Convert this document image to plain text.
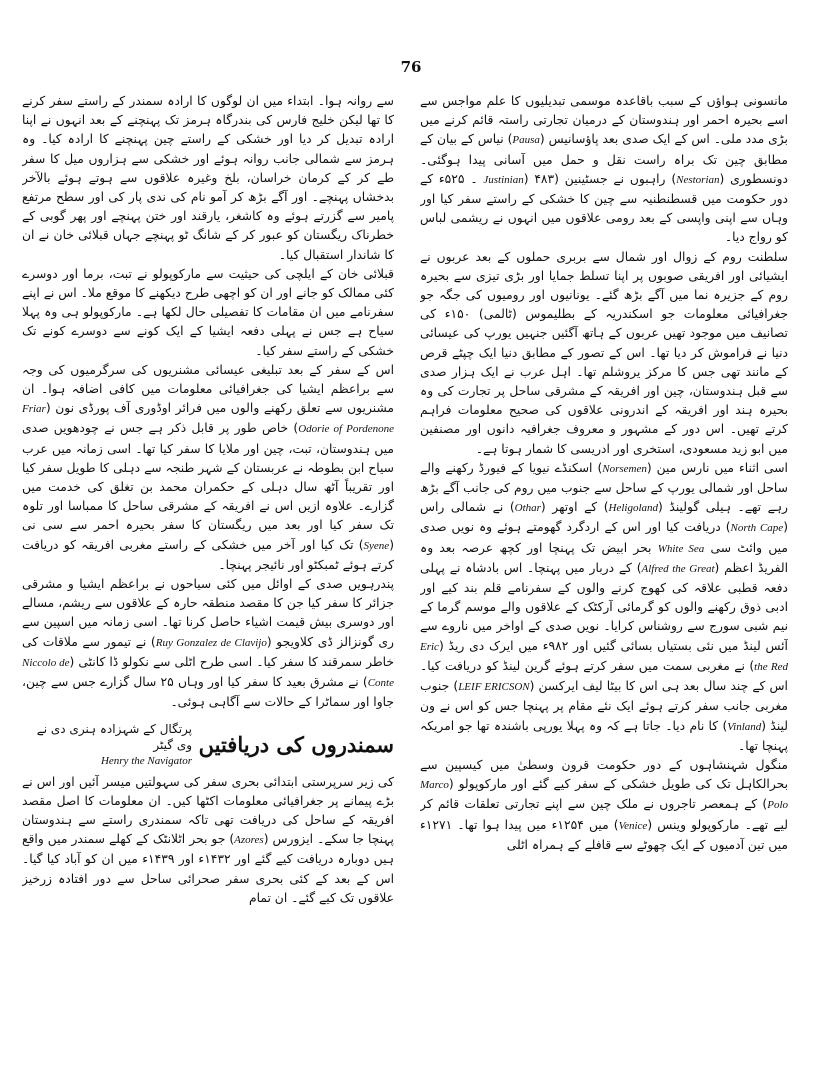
76

مانسونی ہواؤں کے سبب باقاعدہ موسمی تبدیلیوں کا علم مواجس سے اسے بحیرہ احمر اور ہندوستان کے درمیان تجارتی راستہ قائم کرنے میں بڑی مدد ملی۔ اس کے ایک صدی بعد پاؤسانیس (Pausa) نیاس کے بیان کے مطابق چین تک براہ راست نقل و حمل میں آسانی پیدا ہوگئی۔ دونسطوری (Nestorian) راہبوں نے جسٹینین (Justinian) ۴۸۳ ۔ ۵۲۵ء کے دور حکومت میں قسطنطنیہ سے چین کا خشکی کے راستے سفر کیا اور وہاں سے اپنی واپسی کے بعد رومی علاقوں میں انہوں نے ریشمی لباس کو رواج دیا۔

سلطنت روم کے زوال اور شمال سے بربری حملوں کے بعد عربوں نے ایشیائی اور افریقی صوبوں پر اپنا تسلط جمایا اور بڑی تیزی سے بحیرہ روم کے جزیرہ نما میں آگے بڑھ گئے۔ یونانیوں اور رومیوں کی جگہ جو جغرافیائی معلومات جو اسکندریہ کے بطلیموس (ٹالمی) ۱۵۰ء کی تصانیف میں موجود تھیں عربوں کے ہاتھ آگئیں جنہیں یورپ کی عیسائی دنیا نے فراموش کر دیا تھا۔ اس کے تصور کے مطابق دنیا ایک چپٹے قرص کے مانند تھی جس کا مرکز یروشلم تھا۔ اہل عرب نے ایک ہزار صدی سے قبل ہندوستان، چین اور افریقہ کے مشرقی ساحل پر تجارت کی وہ بحیرہ ہند اور افریقہ کے اندرونی علاقوں کی صحیح معلومات فراہم کرتے تھیں۔ اس دور کے مشہور و معروف جغرافیہ دانوں اور مصنفین میں ابو زید مسعودی، استخری اور ادریسی کا شمار ہوتا ہے۔

اسی اثناء میں نارس مین (Norsemen) اسکنڈے نیویا کے فیورڈ رکھنے والے ساحل اور شمالی یورپ کے ساحل سے جنوب میں روم کی جانب آگے بڑھ رہے تھے۔ ہیلی گولینڈ (Heligoland) کے اوتھر (Othar) نے شمالی راس (North Cape) دریافت کیا اور اس کے اردگرد گھومتے ہوئے وہ نویں صدی میں وائٹ سی White Sea بحر ابیض تک پہنچا اور کچھ عرصہ بعد وہ الفریڈ اعظم (Alfred the Great) کے دربار میں پہنچا۔ اس بادشاہ نے پہلی دفعہ قطبی علاقہ کی کھوج کرنے والوں کے سفرنامے قلم بند کیے اور ادبی ذوق رکھنے والوں کو گرمائی آرکٹک کے علاقوں والے موسم گرما کے نیم شبی سورج سے روشناس کرایا۔ نویں صدی کے اواخر میں ناروے سے آئس لینڈ میں نئی بستیاں بسائی گئیں اور ۹۸۲ء میں ایرک دی ریڈ (Eric the Red) نے مغربی سمت میں سفر کرتے ہوئے گرین لینڈ کو دریافت کیا۔ اس کے چند سال بعد ہی اس کا بیٹا لیف ایرکسن (LEIF ERICSON) جنوب مغربی جانب سفر کرتے ہوئے ایک نئے مقام پر پہنچا جس کو اس نے ون لینڈ (Vinland) کا نام دیا۔ جاتا ہے کہ وہ پہلا یورپی باشندہ تھا جو امریکہ پہنچا تھا۔

منگول شہنشاہوں کے دور حکومت قرون وسطیٰ میں کیسپین سے بحرالکاہل تک کی طویل خشکی کے سفر کیے گئے اور مارکوپولو (Marco Polo) کے ہمعصر تاجروں نے ملک چین سے اپنے تجارتی تعلقات قائم کر لیے تھے۔ مارکوپولو وینس (Venice) میں ۱۲۵۴ء میں پیدا ہوا تھا۔ ۱۲۷۱ء میں تین آدمیوں کے ایک چھوٹے سے قافلے کے ہمراہ اٹلی

سے روانہ ہوا۔ ابتداء میں ان لوگوں کا ارادہ سمندر کے راستے سفر کرنے کا تھا لیکن خلیج فارس کی بندرگاہ ہرمز تک پہنچنے کے بعد انہوں نے اپنا ارادہ تبدیل کر دیا اور خشکی کے راستے چین پہنچنے کا ارادہ کیا۔ وہ ہرمز سے شمالی جانب روانہ ہوئے اور خشکی سے ہزاروں میل کا سفر طے کر کے کرمان خراسان، بلخ وغیرہ علاقوں سے ہوتے ہوئے بالآخر بدخشاں پہنچے۔ اور آگے بڑھ کر آمو نام کی ندی پار کی اور سطح مرتفع پامیر سے گزرتے ہوئے وہ کاشغر، یارقند اور ختن پہنچے اور پھر گوبی کے خطرناک ریگستان کو عبور کر کے شانگ ٹو پہنچے جہاں قبلائی خان نے ان کا شاندار استقبال کیا۔

قبلائی خان کے ایلچی کی حیثیت سے مارکوپولو نے تبت، برما اور دوسرے کئی ممالک کو جانے اور ان کو اچھی طرح دیکھنے کا موقع ملا۔ اس نے اپنے سفرنامے میں ان مقامات کا تفصیلی حال لکھا ہے۔ مارکوپولو ہی وہ پہلا سیاح ہے جس نے پہلی دفعہ ایشیا کے ایک کونے سے دوسرے کونے تک خشکی کے راستے سفر کیا۔

اس کے سفر کے بعد تبلیغی عیسائی مشنریوں کی سرگرمیوں کی وجہ سے براعظم ایشیا کی جغرافیائی معلومات میں کافی اضافہ ہوا۔ ان مشنریوں سے تعلق رکھنے والوں میں فرائر اوڈوری آف پورڈی نون (Friar Odorie of Pordenone) خاص طور پر قابل ذکر ہے جس نے چودھویں صدی میں ہندوستان، تبت، چین اور ملایا کا سفر کیا تھا۔ اسی زمانہ میں عرب سیاح ابن بطوطہ نے عربستان کے شہر طنجہ سے دہلی کا طویل سفر کیا اور تقریباً آٹھ سال دہلی کے حکمران محمد بن تغلق کی خدمت میں گزارے۔ علاوہ ازیں اس نے افریقہ کے مشرقی ساحل کا ممباسا اور تلوہ تک سفر کیا اور بعد میں ریگستان کا سفر بحیرہ احمر سے سی نی (Syene) تک کیا اور آخر میں خشکی کے راستے مغربی افریقہ کو دریافت کرتے ہوئے ٹمبکٹو اور نائیجر پہنچا۔

پندرہویں صدی کے اوائل میں کئی سیاحوں نے براعظم ایشیا و مشرقی جزائر کا سفر کیا جن کا مقصد منطقہ حارہ کے علاقوں سے ریشم، مسالے اور دوسری بیش قیمت اشیاء حاصل کرنا تھا۔ اسی زمانہ میں اسپین سے ری گونزالز ڈی کلاویجو (Ruy Gonzalez de Clavijo) نے تیمور سے ملاقات کی خاطر سمرقند کا سفر کیا۔ اسی طرح اٹلی سے نکولو ڈا کانٹی (Niccolo de Conte) نے مشرق بعید کا سفر کیا اور وہاں ۲۵ سال گزارے جس سے چین، جاوا اور سماٹرا کے حالات سے آگاہی ہوئی۔

سمندروں کی دریافتیں
پرتگال کے شہزادہ ہنری دی نے وی گیٹر
Henry the Navigator

کی زیر سرپرستی ابتدائی بحری سفر کی سہولتیں میسر آئیں اور اس نے بڑے پیمانے پر جغرافیائی معلومات اکٹھا کیں۔ ان معلومات کا اصل مقصد افریقہ کے ساحل کی دریافت تھی تاکہ سمندری راستے سے ہندوستان پہنچا جا سکے۔ ایزورس (Azores) جو بحر اٹلانٹک کے کھلے سمندر میں واقع ہیں دوبارہ دریافت کیے گئے اور ۱۴۳۲ء اور ۱۴۳۹ء میں ان کو آباد کیا گیا۔ اس کے بعد کے کئی بحری سفر صحرائی ساحل سے دور افتادہ زرخیز علاقوں تک کیے گئے۔ ان تمام
